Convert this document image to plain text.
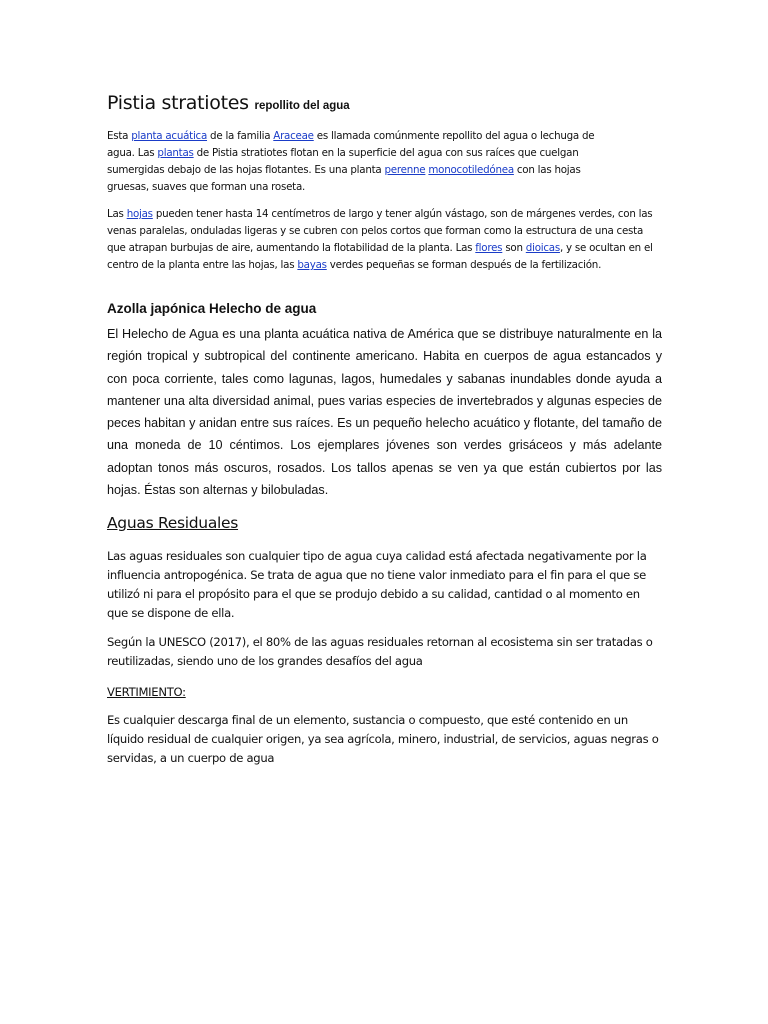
Pistia stratiotes repollito del agua
Esta planta acuática de la familia Araceae es llamada comúnmente repollito del agua o lechuga de agua. Las plantas de Pistia stratiotes flotan en la superficie del agua con sus raíces que cuelgan sumergidas debajo de las hojas flotantes. Es una planta perenne monocotiledónea con las hojas gruesas, suaves que forman una roseta.
Las hojas pueden tener hasta 14 centímetros de largo y tener algún vástago, son de márgenes verdes, con las venas paralelas, onduladas ligeras y se cubren con pelos cortos que forman como la estructura de una cesta que atrapan burbujas de aire, aumentando la flotabilidad de la planta. Las flores son dioicas, y se ocultan en el centro de la planta entre las hojas, las bayas verdes pequeñas se forman después de la fertilización.
Azolla japónica Helecho de agua
El Helecho de Agua es una planta acuática nativa de América que se distribuye naturalmente en la región tropical y subtropical del continente americano. Habita en cuerpos de agua estancados y con poca corriente, tales como lagunas, lagos, humedales y sabanas inundables donde ayuda a mantener una alta diversidad animal, pues varias especies de invertebrados y algunas especies de peces habitan y anidan entre sus raíces. Es un pequeño helecho acuático y flotante, del tamaño de una moneda de 10 céntimos. Los ejemplares jóvenes son verdes grisáceos y más adelante adoptan tonos más oscuros, rosados. Los tallos apenas se ven ya que están cubiertos por las hojas. Éstas son alternas y bilobuladas.
Aguas Residuales
Las aguas residuales son cualquier tipo de agua cuya calidad está afectada negativamente por la influencia antropogénica. Se trata de agua que no tiene valor inmediato para el fin para el que se utilizó ni para el propósito para el que se produjo debido a su calidad, cantidad o al momento en que se dispone de ella.
Según la UNESCO (2017), el 80% de las aguas residuales retornan al ecosistema sin ser tratadas o reutilizadas, siendo uno de los grandes desafíos del agua
VERTIMIENTO:
Es cualquier descarga final de un elemento, sustancia o compuesto, que esté contenido en un líquido residual de cualquier origen, ya sea agrícola, minero, industrial, de servicios, aguas negras o servidas, a un cuerpo de agua
